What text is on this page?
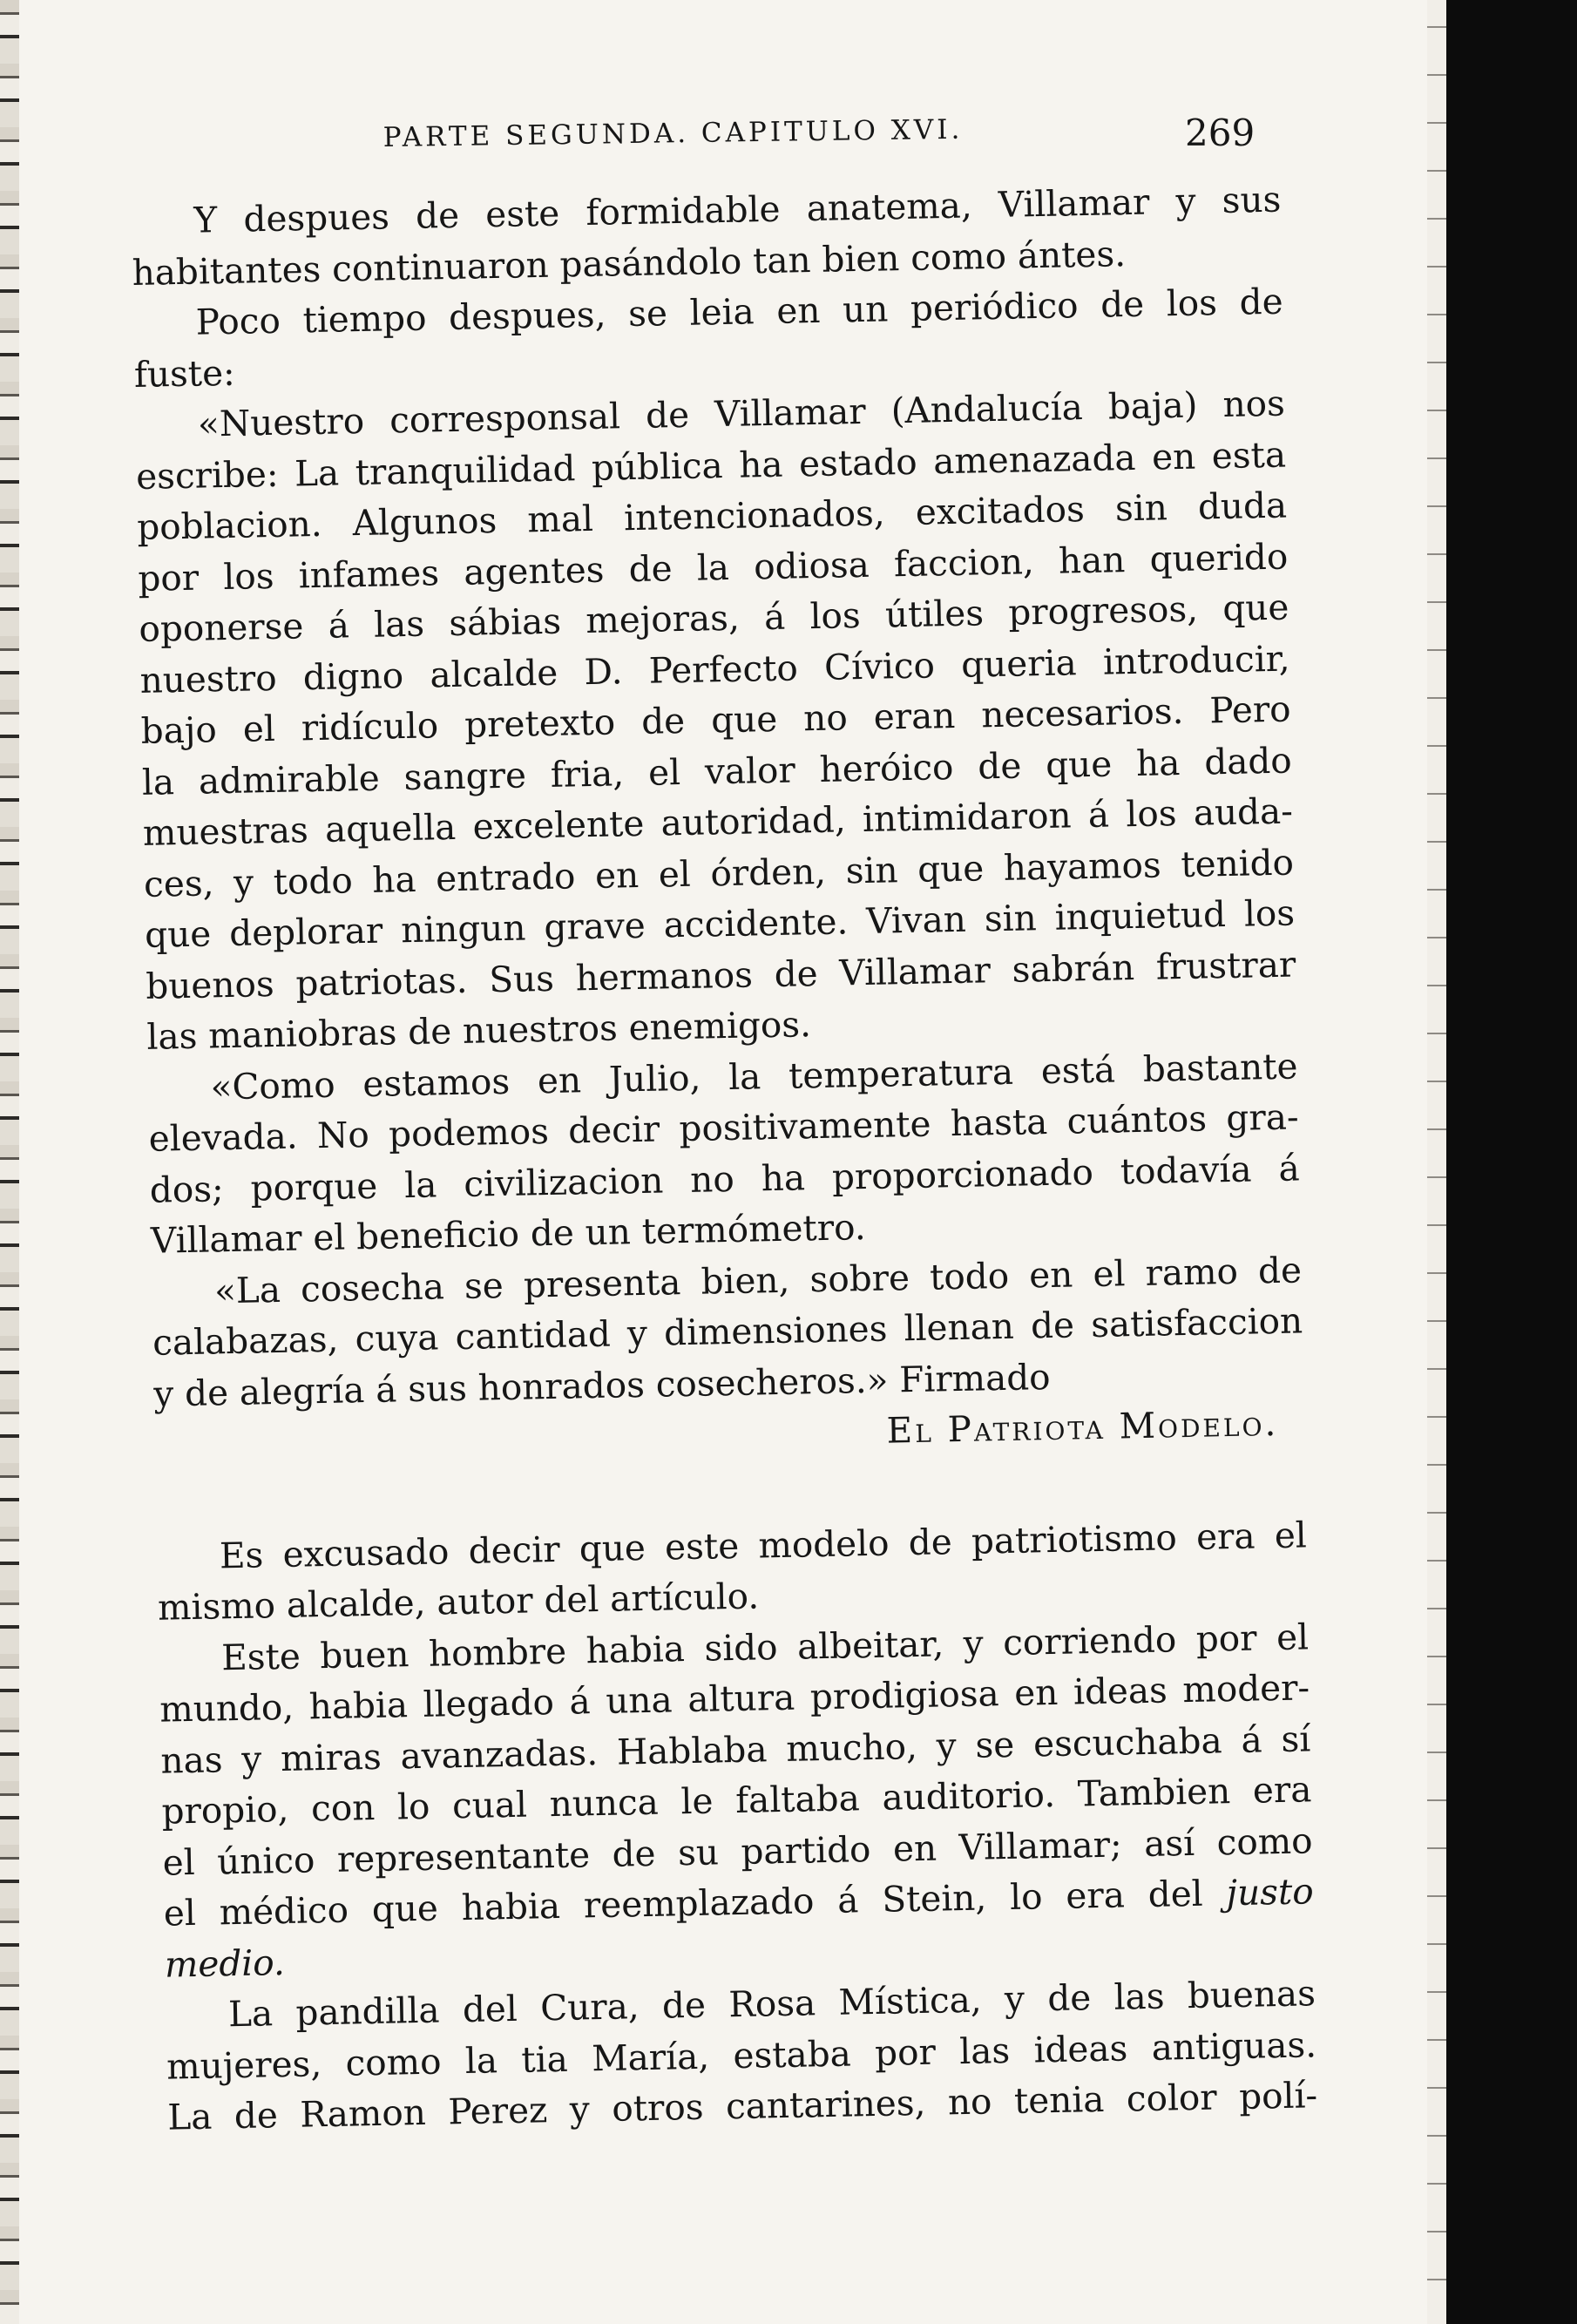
PARTE SEGUNDA. CAPITULO XVI.	269
Y despues de este formidable anatema, Villamar y sus
habitantes continuaron pasándolo tan bien como ántes.
Poco tiempo despues, se leia en un periódico de los de
fuste:
«Nuestro corresponsal de Villamar (Andalucía baja) nos
escribe: La tranquilidad pública ha estado amenazada en esta
poblacion. Algunos mal intencionados, excitados sin duda
por los infames agentes de la odiosa faccion, han querido
oponerse á las sábias mejoras, á los útiles progresos, que
nuestro digno alcalde D. Perfecto Cívico queria introducir,
bajo el ridículo pretexto de que no eran necesarios. Pero
la admirable sangre fria, el valor heróico de que ha dado
muestras aquella excelente autoridad, intimidaron á los auda-
ces, y todo ha entrado en el órden, sin que hayamos tenido
que deplorar ningun grave accidente. Vivan sin inquietud los
buenos patriotas. Sus hermanos de Villamar sabrán frustrar
las maniobras de nuestros enemigos.
«Como estamos en Julio, la temperatura está bastante
elevada. No podemos decir positivamente hasta cuántos gra-
dos; porque la civilizacion no ha proporcionado todavía á
Villamar el beneficio de un termómetro.
«La cosecha se presenta bien, sobre todo en el ramo de
calabazas, cuya cantidad y dimensiones llenan de satisfaccion
y de alegría á sus honrados cosecheros.» Firmado
El Patriota Modelo.
Es excusado decir que este modelo de patriotismo era el
mismo alcalde, autor del artículo.
Este buen hombre habia sido albeitar, y corriendo por el
mundo, habia llegado á una altura prodigiosa en ideas moder-
nas y miras avanzadas. Hablaba mucho, y se escuchaba á sí
propio, con lo cual nunca le faltaba auditorio. Tambien era
el único representante de su partido en Villamar; así como
el médico que habia reemplazado á Stein, lo era del justo
medio.
La pandilla del Cura, de Rosa Mística, y de las buenas
mujeres, como la tia María, estaba por las ideas antiguas.
La de Ramon Perez y otros cantarines, no tenia color polí-
